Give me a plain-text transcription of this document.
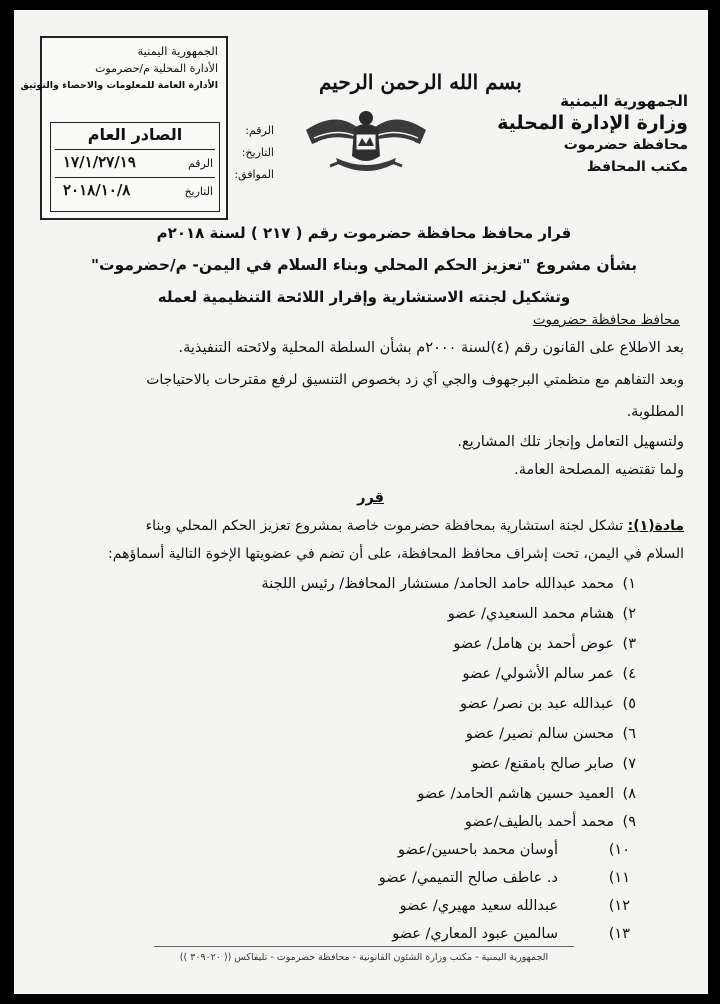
الجمهورية اليمنية
الأدارة المحلية م/حضرموت
الأدارة العامة للمعلومات والاحصاء والتوثيق
الصادر العام
الرقم
١٧/١/٢٧/١٩
التاريخ
٢٠١٨/١٠/٨
الرقم:
التاريخ:
الموافق:
بسم الله الرحمن الرحيم
الجمهورية اليمنية
وزارة الإدارة المحلية
محافظة حضرموت
مكتب المحافظ
قرار محافظ محافظة حضرموت رقم ( ٢١٧ ) لسنة ٢٠١٨م
بشأن مشروع "تعزيز الحكم المحلي وبناء السلام في اليمن- م/حضرموت"
وتشكيل لجنته الاستشارية وإقرار اللائحة التنظيمية لعمله
محافظ محافظة حضرموت
بعد الاطلاع على القانون رقم (٤)لسنة ٢٠٠٠م بشأن السلطة المحلية ولائحته التنفيذية.
وبعد التفاهم مع منظمتي البرجهوف والجي آي زد بخصوص التنسيق لرفع مقترحات بالاحتياجات
المطلوبة.
ولتسهيل التعامل وإنجاز تلك المشاريع.
ولما تقتضيه المصلحة العامة.
قرر
مادة(١): تشكل لجنة استشارية بمحافظة حضرموت خاصة بمشروع تعزيز الحكم المحلي وبناء
السلام في اليمن، تحت إشراف محافظ المحافظة، على أن تضم في عضويتها الإخوة التالية أسماؤهم:
١)
محمد عبدالله حامد الحامد/ مستشار المحافظ/ رئيس اللجنة
٢)
هشام محمد السعيدي/ عضو
٣)
عوض أحمد بن هامل/ عضو
٤)
عمر سالم الأشولي/ عضو
٥)
عبدالله عبد بن نصر/ عضو
٦)
محسن سالم نصير/ عضو
٧)
صابر صالح بامقنع/ عضو
٨)
العميد حسين هاشم الحامد/ عضو
٩)
محمد أحمد بالطيف/عضو
١٠)
أوسان محمد باحسين/عضو
١١)
د. عاطف صالح التميمي/ عضو
١٢)
عبدالله سعيد مهيري/ عضو
١٣)
سالمين عبود المعاري/ عضو
الجمهورية اليمنية - مكتب وزارة الشئون القانونية - محافظة حضرموت - تليفاكس (( ٣٠٩٠٢٠ ))
